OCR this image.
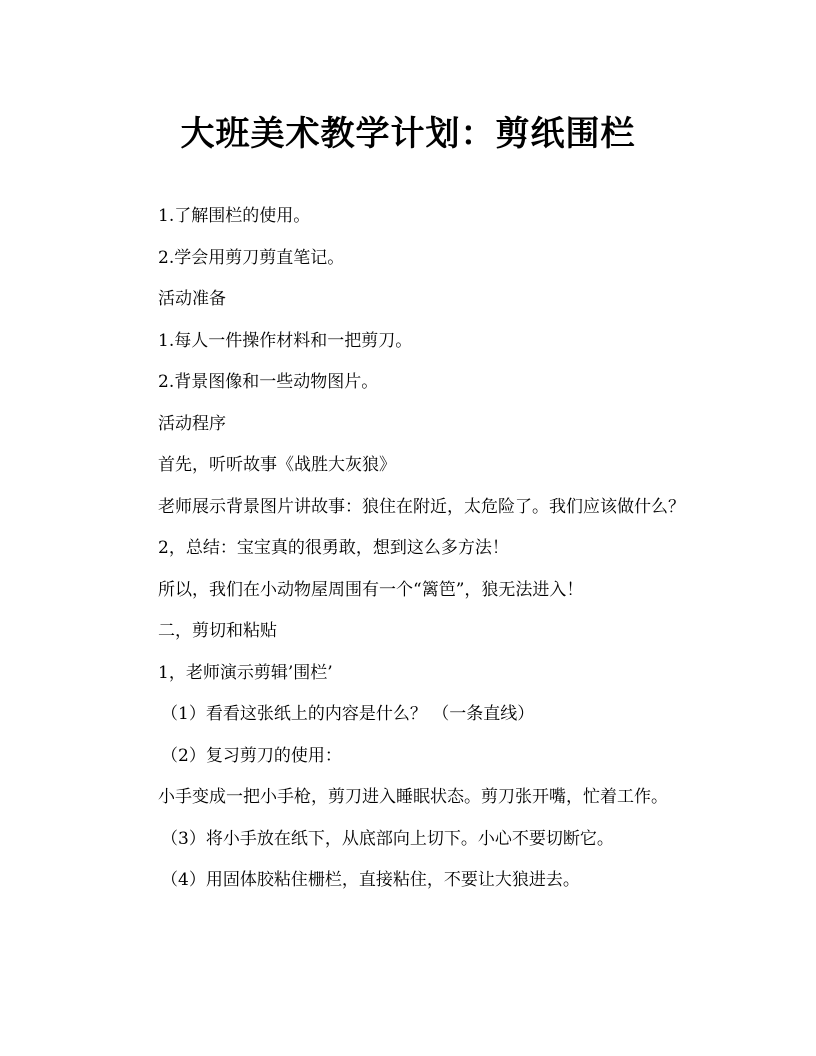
大班美术教学计划：剪纸围栏

1.了解围栏的使用。

2.学会用剪刀剪直笔记。

活动准备

1.每人一件操作材料和一把剪刀。

2.背景图像和一些动物图片。

活动程序

首先，听听故事《战胜大灰狼》

老师展示背景图片讲故事：狼住在附近，太危险了。我们应该做什么？

2，总结：宝宝真的很勇敢，想到这么多方法！

所以，我们在小动物屋周围有一个“篱笆”，狼无法进入！

二，剪切和粘贴

1，老师演示剪辑’围栏’

（1）看看这张纸上的内容是什么？ （一条直线）

（2）复习剪刀的使用：

小手变成一把小手枪，剪刀进入睡眠状态。剪刀张开嘴，忙着工作。

（3）将小手放在纸下，从底部向上切下。小心不要切断它。

（4）用固体胶粘住栅栏，直接粘住，不要让大狼进去。
